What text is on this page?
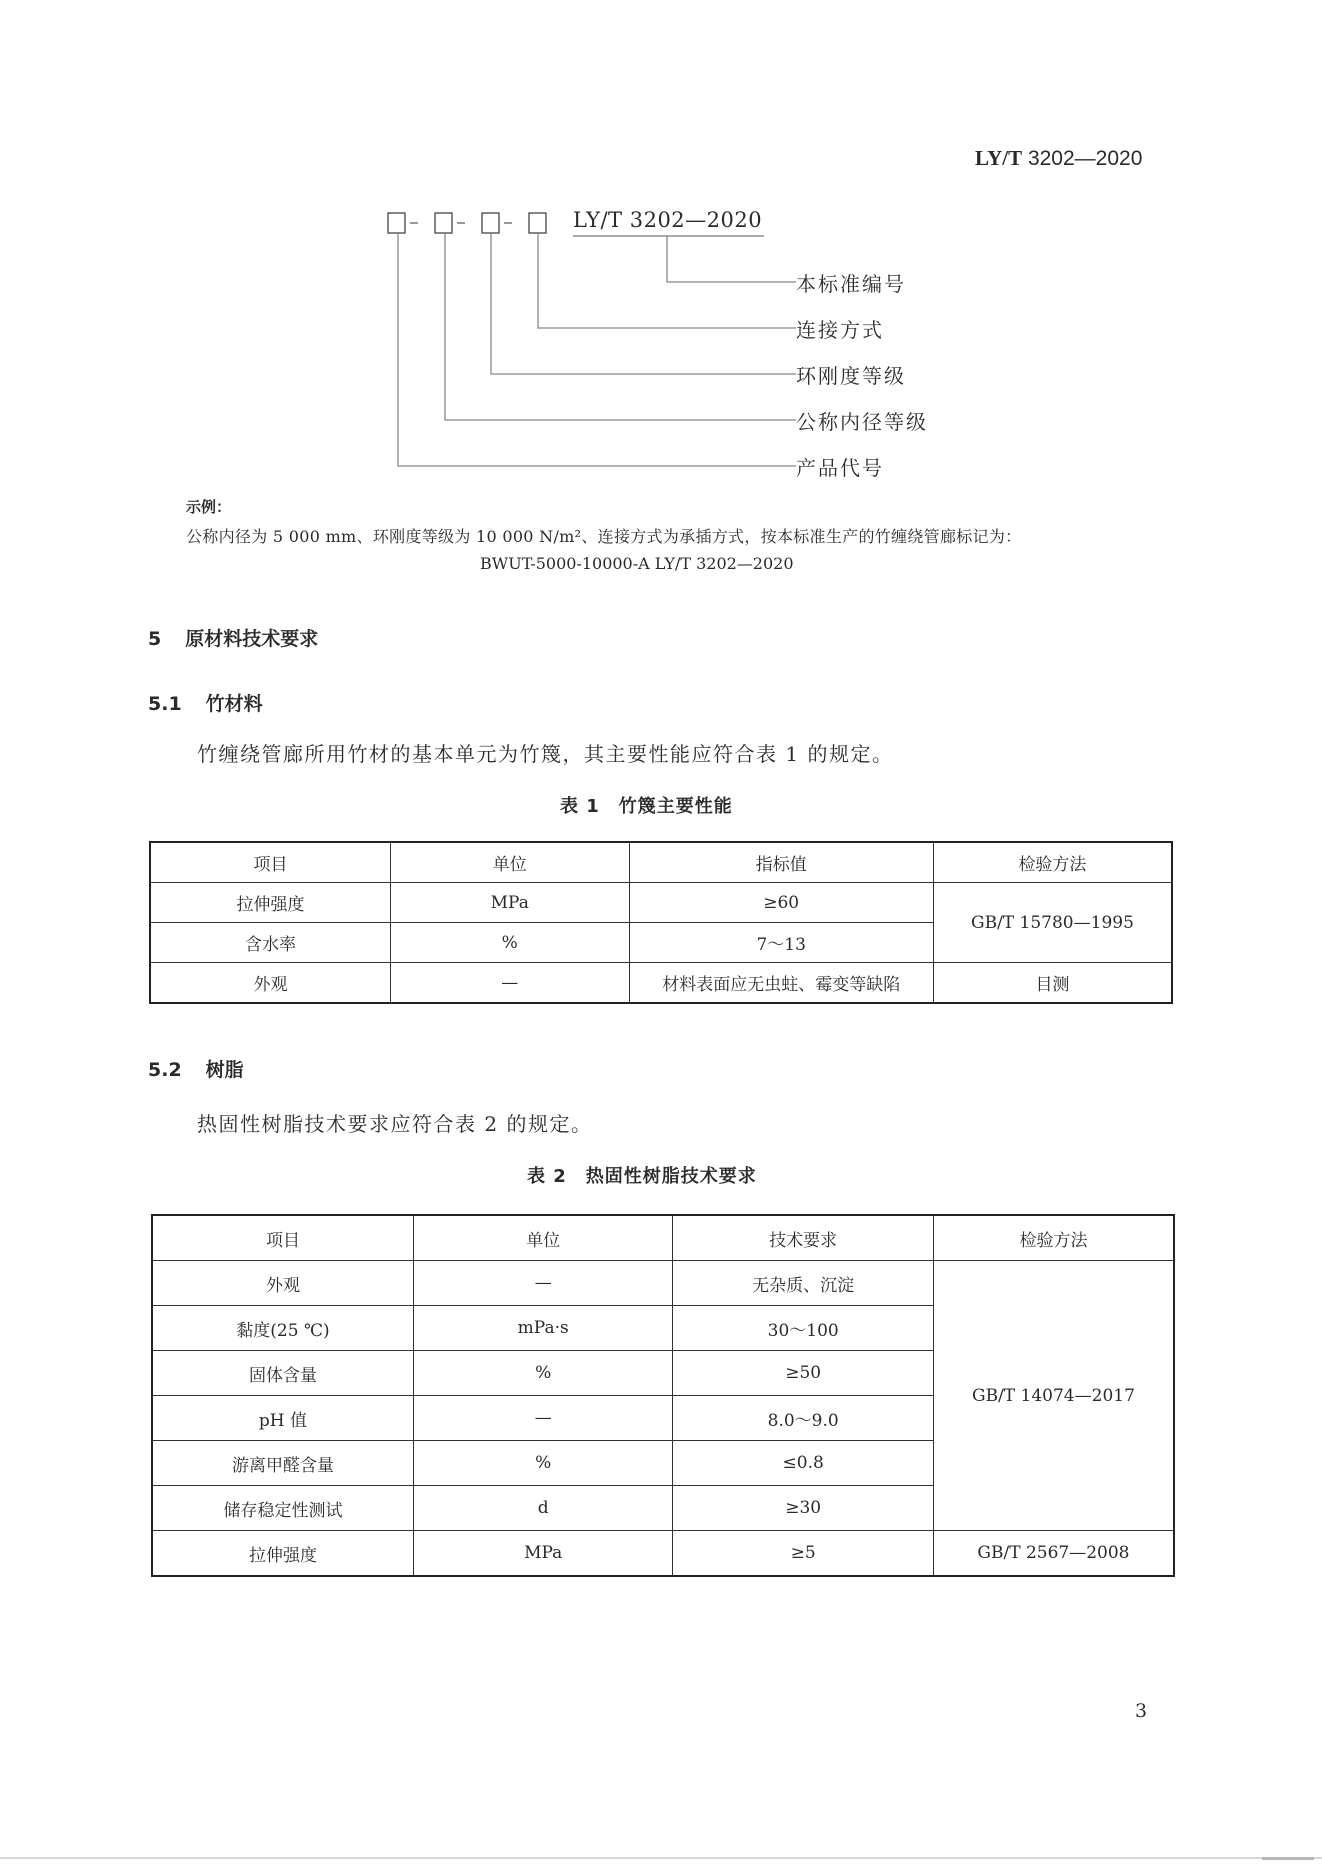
LY/T 3202—2020
LY/T 3202—2020
本标准编号
连接方式
环刚度等级
公称内径等级
产品代号
示例：
公称内径为 5 000 mm、环刚度等级为 10 000 N/m²、连接方式为承插方式，按本标准生产的竹缠绕管廊标记为：
BWUT-5000-10000-A LY/T 3202—2020
5 原材料技术要求
5.1 竹材料
竹缠绕管廊所用竹材的基本单元为竹篾，其主要性能应符合表 1 的规定。
表 1　竹篾主要性能
项目	单位	指标值	检验方法
拉伸强度	MPa	≥60	GB/T 15780—1995
含水率	%	7～13	
外观	—	材料表面应无虫蛀、霉变等缺陷	目测
5.2 树脂
热固性树脂技术要求应符合表 2 的规定。
表 2　热固性树脂技术要求
项目	单位	技术要求	检验方法
外观	—	无杂质、沉淀	GB/T 14074—2017
黏度(25 ℃)	mPa·s	30～100	
固体含量	%	≥50	
pH 值	—	8.0～9.0	
游离甲醛含量	%	≤0.8	
储存稳定性测试	d	≥30	
拉伸强度	MPa	≥5	GB/T 2567—2008
3
